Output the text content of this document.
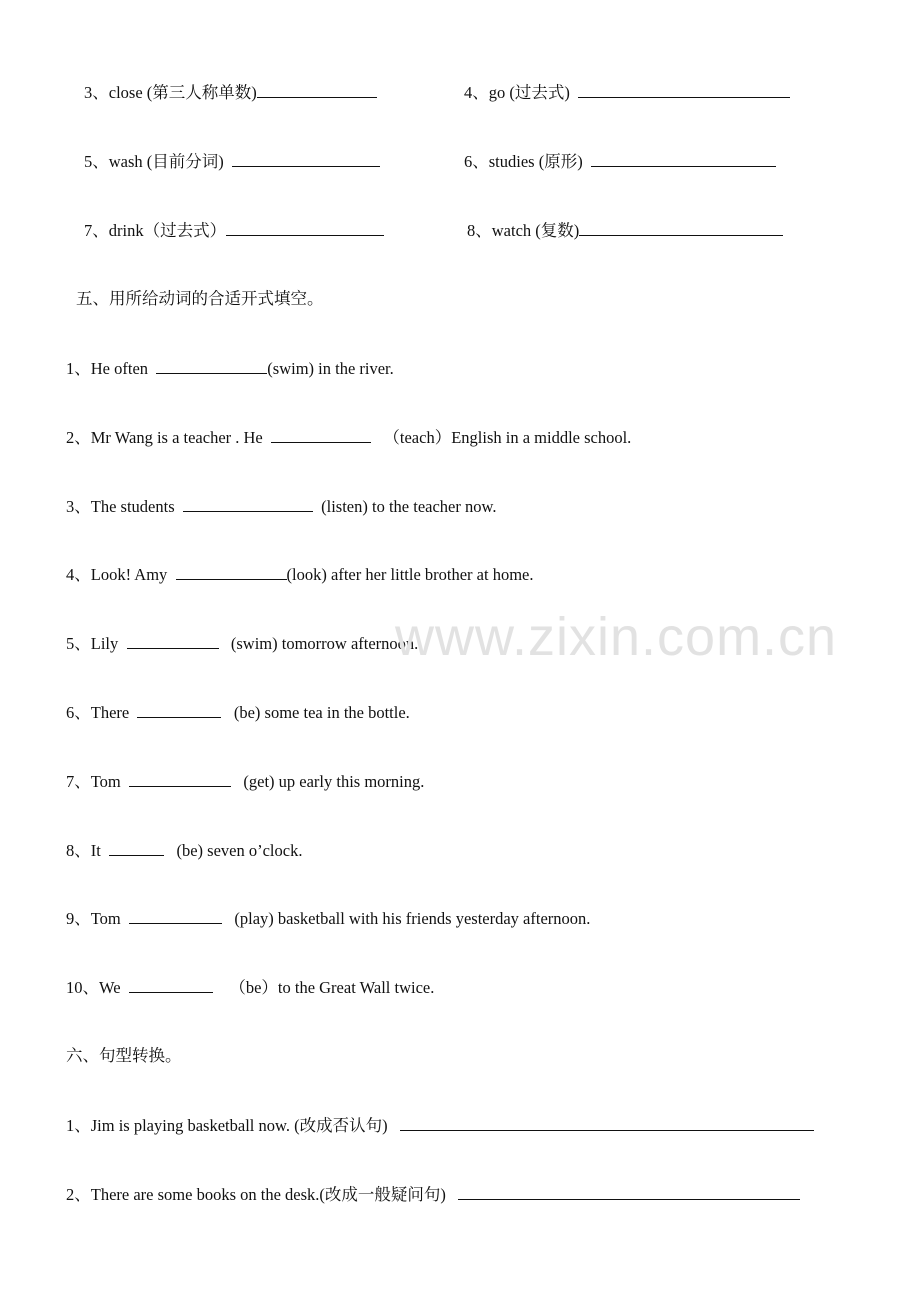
3、close (第三人称单数)	4、go (过去式)
5、wash (目前分词)	6、studies (原形)
7、drink（过去式）	8、watch (复数)
五、用所给动词的合适开式填空。
1、He often	(swim) in the river.
2、Mr Wang is a teacher . He	（teach）English in a middle school.
3、The students	(listen) to the teacher now.
4、Look! Amy	(look) after her little brother at home.
5、Lily	(swim) tomorrow afternoon.
6、There	(be) some tea in the bottle.
7、Tom	(get) up early this morning.
8、It	(be) seven o’clock.
9、Tom	(play) basketball with his friends yesterday afternoon.
10、We	（be）to the Great Wall twice.
六、句型转换。
1、Jim is playing basketball now. (改成否认句)
2、There are some books on the desk.(改成一般疑问句)
www.zixin.com.cn
